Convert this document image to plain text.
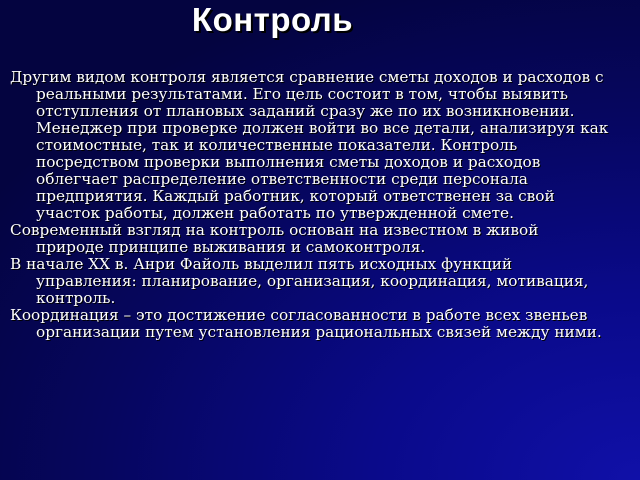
Контроль

Другим видом контроля является сравнение сметы доходов и расходов с реальными результатами. Его цель состоит в том, чтобы выявить отступления от плановых заданий сразу же по их возникновении. Менеджер при проверке должен войти во все детали, анализируя как стоимостные, так и количественные показатели. Контроль посредством проверки выполнения сметы доходов и расходов облегчает распределение ответственности среди персонала предприятия. Каждый работник, который ответственен за свой участок работы, должен работать по утвержденной смете.

Современный взгляд на контроль основан на известном в живой природе принципе выживания и самоконтроля.

В начале XX в. Анри Файоль выделил пять исходных функций управления: планирование, организация, координация, мотивация, контроль.

Координация – это достижение согласованности в работе всех звеньев организации путем установления рациональных связей между ними.
